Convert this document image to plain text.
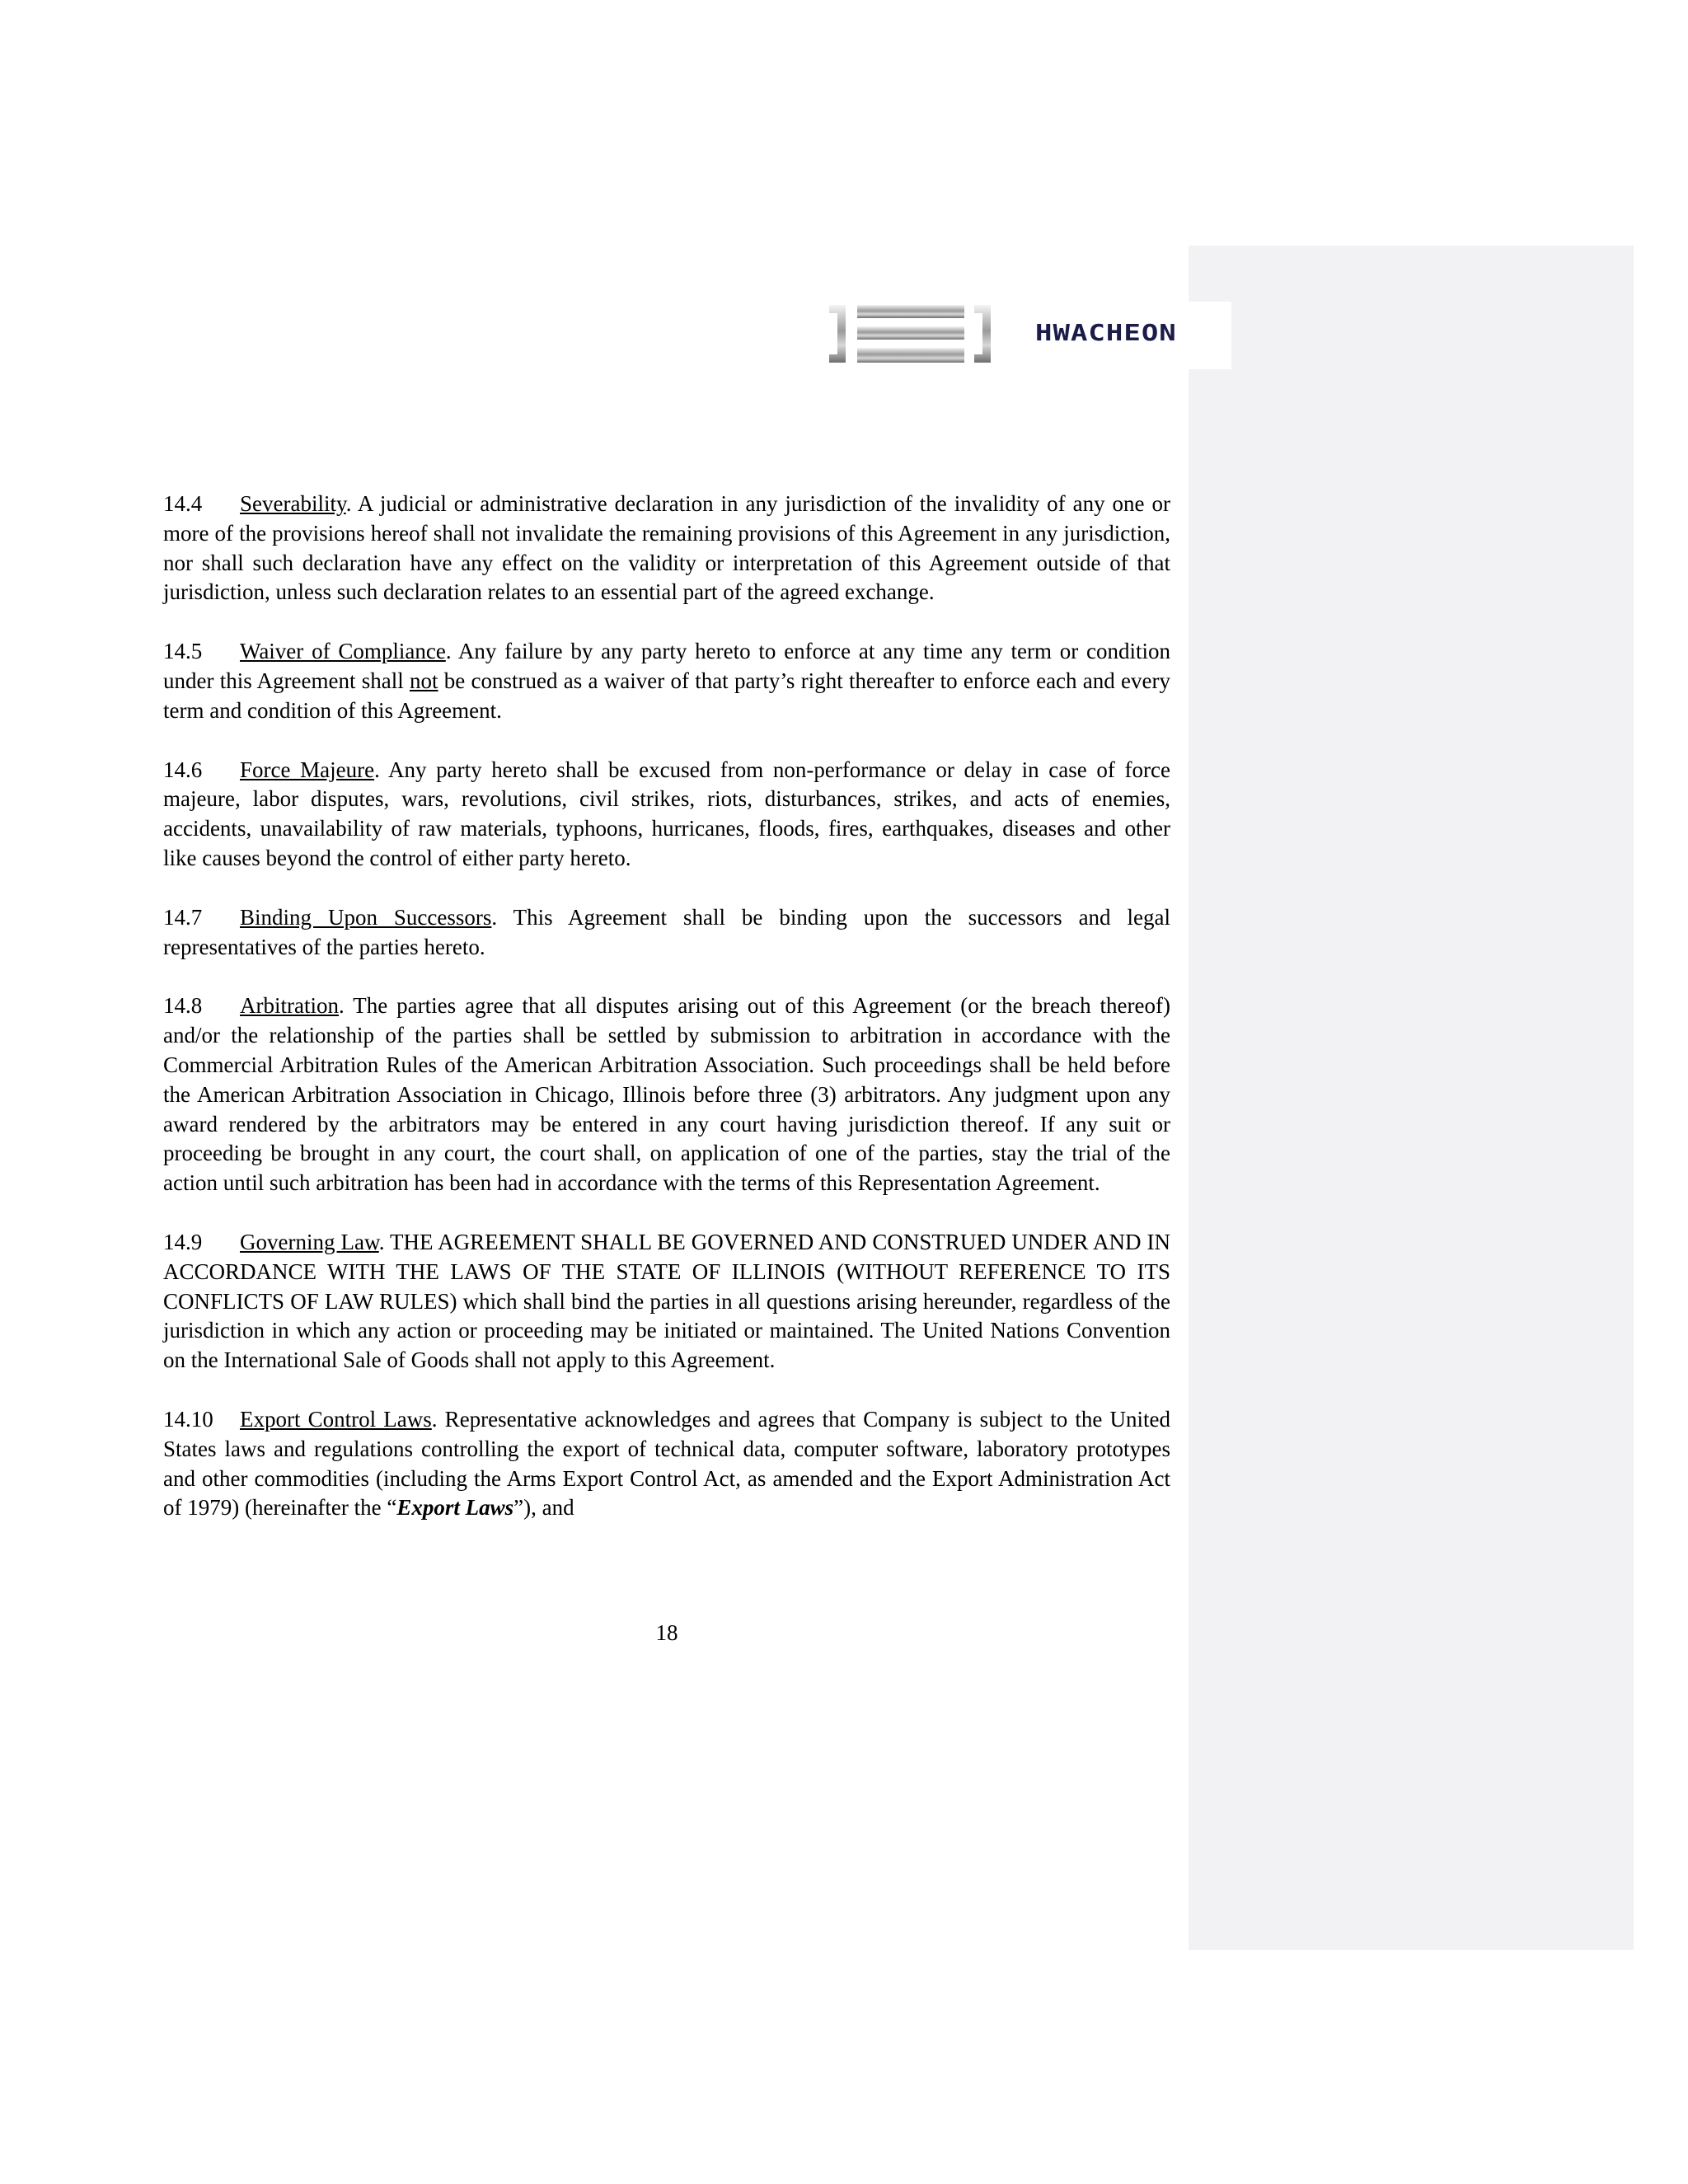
HWACHEON

14.4 Severability. A judicial or administrative declaration in any jurisdiction of the invalidity of any one or more of the provisions hereof shall not invalidate the remaining provisions of this Agreement in any jurisdiction, nor shall such declaration have any effect on the validity or interpretation of this Agreement outside of that jurisdiction, unless such declaration relates to an essential part of the agreed exchange.

14.5 Waiver of Compliance. Any failure by any party hereto to enforce at any time any term or condition under this Agreement shall not be construed as a waiver of that party’s right thereafter to enforce each and every term and condition of this Agreement.

14.6 Force Majeure. Any party hereto shall be excused from non-performance or delay in case of force majeure, labor disputes, wars, revolutions, civil strikes, riots, disturbances, strikes, and acts of enemies, accidents, unavailability of raw materials, typhoons, hurricanes, floods, fires, earthquakes, diseases and other like causes beyond the control of either party hereto.

14.7 Binding Upon Successors. This Agreement shall be binding upon the successors and legal representatives of the parties hereto.

14.8 Arbitration. The parties agree that all disputes arising out of this Agreement (or the breach thereof) and/or the relationship of the parties shall be settled by submission to arbitration in accordance with the Commercial Arbitration Rules of the American Arbitration Association. Such proceedings shall be held before the American Arbitration Association in Chicago, Illinois before three (3) arbitrators. Any judgment upon any award rendered by the arbitrators may be entered in any court having jurisdiction thereof. If any suit or proceeding be brought in any court, the court shall, on application of one of the parties, stay the trial of the action until such arbitration has been had in accordance with the terms of this Representation Agreement.

14.9 Governing Law. THE AGREEMENT SHALL BE GOVERNED AND CONSTRUED UNDER AND IN ACCORDANCE WITH THE LAWS OF THE STATE OF ILLINOIS (WITHOUT REFERENCE TO ITS CONFLICTS OF LAW RULES) which shall bind the parties in all questions arising hereunder, regardless of the jurisdiction in which any action or proceeding may be initiated or maintained. The United Nations Convention on the International Sale of Goods shall not apply to this Agreement.

14.10 Export Control Laws. Representative acknowledges and agrees that Company is subject to the United States laws and regulations controlling the export of technical data, computer software, laboratory prototypes and other commodities (including the Arms Export Control Act, as amended and the Export Administration Act of 1979) (hereinafter the “Export Laws”), and

18
